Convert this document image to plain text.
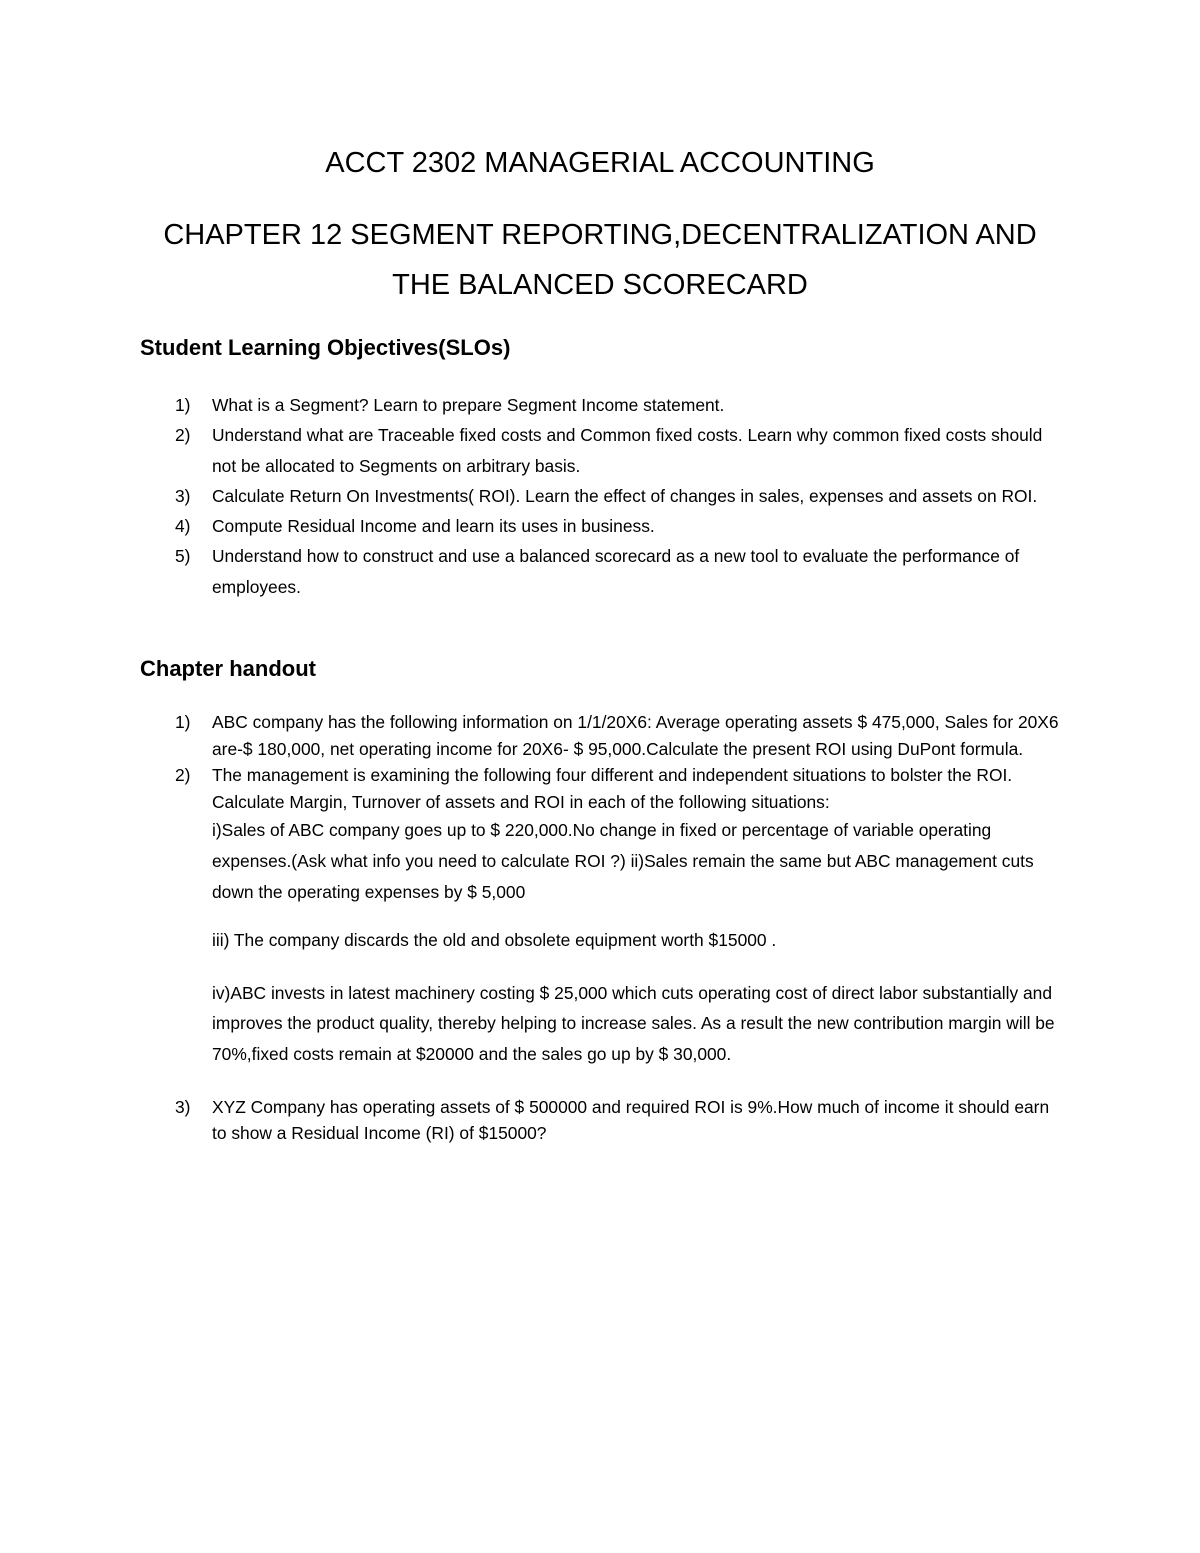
ACCT 2302 MANAGERIAL ACCOUNTING
CHAPTER 12 SEGMENT REPORTING,DECENTRALIZATION AND
THE BALANCED SCORECARD
Student Learning Objectives(SLOs)
1) What is a Segment? Learn to prepare Segment Income statement.
2) Understand what are Traceable fixed costs and Common fixed costs. Learn why common fixed costs should not be allocated to Segments on arbitrary basis.
3) Calculate Return On Investments( ROI). Learn the effect of changes in sales, expenses and assets on ROI.
4) Compute Residual Income and learn its uses in business.
5) Understand how to construct and use a balanced scorecard as a new tool to evaluate the performance of employees.
Chapter handout
1) ABC company has the following information on 1/1/20X6: Average operating assets $ 475,000, Sales for 20X6 are-$ 180,000, net operating income for 20X6- $ 95,000.Calculate the present ROI using DuPont formula.
2) The management is examining the following four different and independent situations to bolster the ROI. Calculate Margin, Turnover of assets and ROI in each of the following situations:
i)Sales of ABC company goes up to $ 220,000.No change in fixed or percentage of variable operating expenses.(Ask what info you need to calculate ROI ?) ii)Sales remain the same but ABC management cuts down the operating expenses by $ 5,000
iii) The company discards the old and obsolete equipment worth $15000 .
iv)ABC invests in latest machinery costing $ 25,000 which cuts operating cost of direct labor substantially and improves the product quality, thereby helping to increase sales. As a result the new contribution margin will be 70%,fixed costs remain at $20000 and the sales go up by $ 30,000.
3) XYZ Company has operating assets of $ 500000 and required ROI is 9%.How much of income it should earn to show a Residual Income (RI) of $15000?
